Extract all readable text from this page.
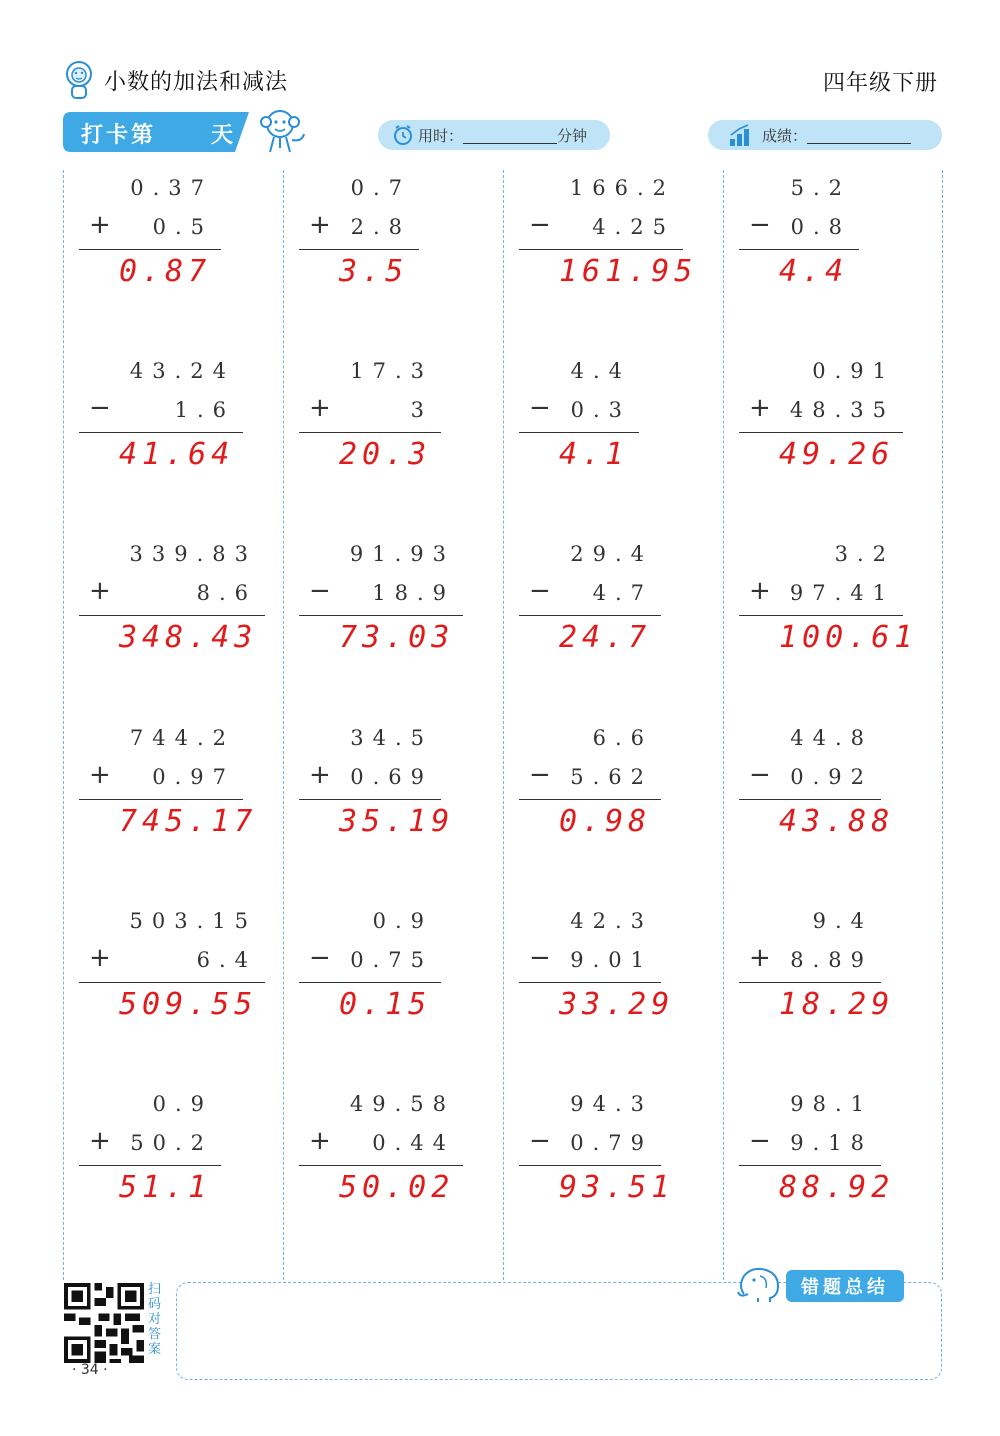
小数的加法和减法	四年级下册
打卡第 天	用时：	分钟	成绩：
0.37
+ 0.5
0.87
0.7
+ 2.8
3.5
166.2
− 4.25
161.95
5.2
− 0.8
4.4
43.24
−	1.6
41.64
17.3
+	3
20.3
4.4
− 0.3
4.1
0.91
+ 48.35
49.26
339.83
+	8.6
348.43
91.93
− 18.9
73.03
29.4
− 4.7
24.7
3.2
+ 97.41
100.61
744.2
+ 0.97
745.17
34.5
+ 0.69
35.19
6.6
− 5.62
0.98
44.8
− 0.92
43.88
503.15
+	6.4
509.55
0.9
− 0.75
0.15
42.3
− 9.01
33.29
9.4
+ 8.89
18.29
0.9
+ 50.2
51.1
49.58
+ 0.44
50.02
94.3
− 0.79
93.51
98.1
− 9.18
88.92
扫码对答案
· 34 ·
错题总结
